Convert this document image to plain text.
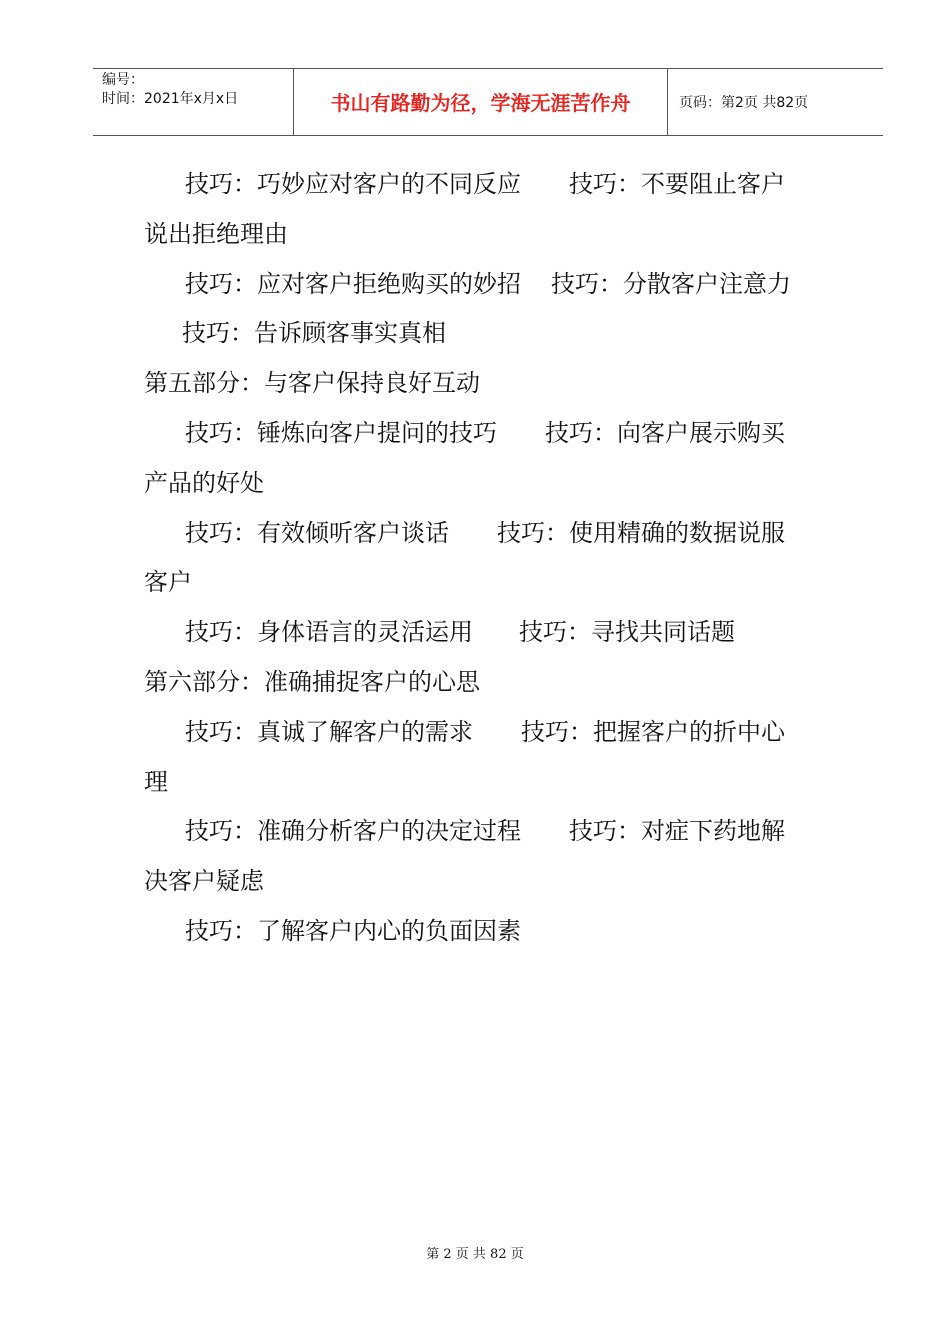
编号：
时间：2021年x月x日	书山有路勤为径，学海无涯苦作舟	页码：第2页 共82页
技巧：巧妙应对客户的不同反应 技巧：不要阻止客户
说出拒绝理由
技巧：应对客户拒绝购买的妙招 技巧：分散客户注意力
技巧：告诉顾客事实真相
第五部分：与客户保持良好互动
技巧：锤炼向客户提问的技巧 技巧：向客户展示购买
产品的好处
技巧：有效倾听客户谈话 技巧：使用精确的数据说服
客户
技巧：身体语言的灵活运用 技巧：寻找共同话题
第六部分：准确捕捉客户的心思
技巧：真诚了解客户的需求 技巧：把握客户的折中心
理
技巧：准确分析客户的决定过程 技巧：对症下药地解
决客户疑虑
技巧：了解客户内心的负面因素
第 2 页 共 82 页
